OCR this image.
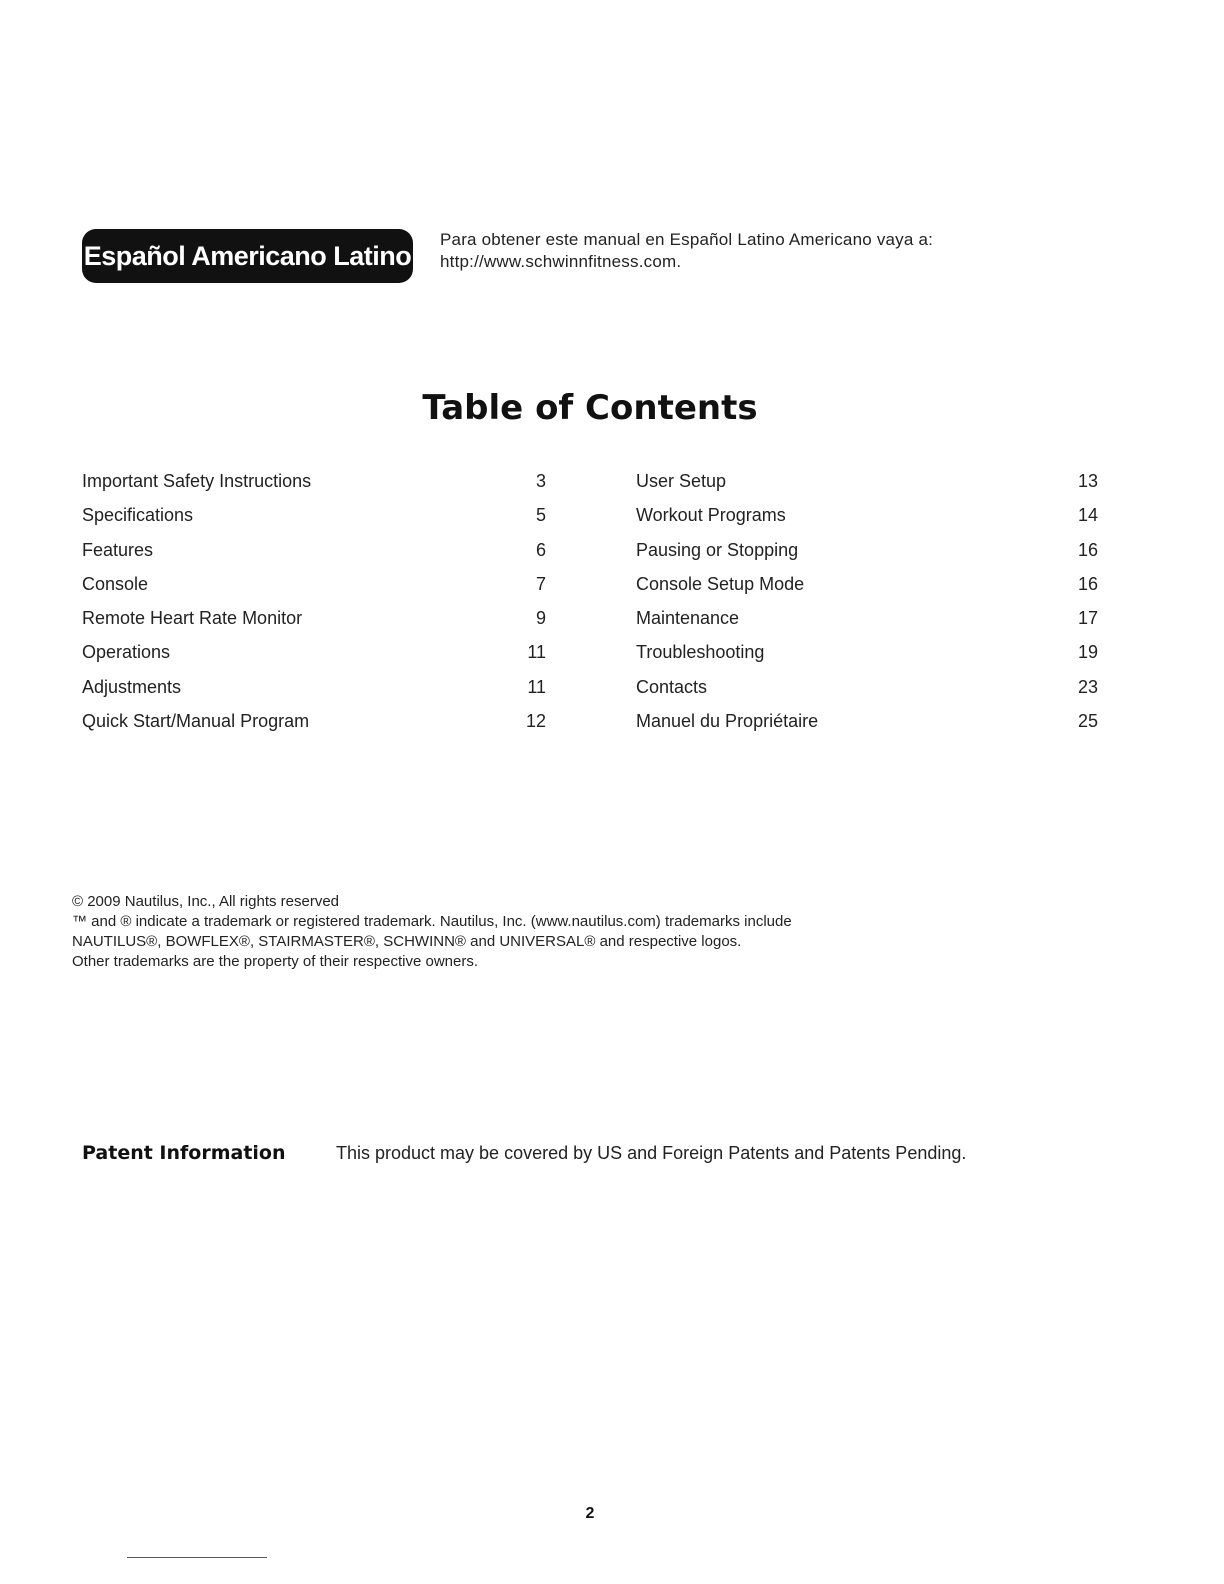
Español Americano Latino
Para obtener este manual en Español Latino Americano vaya a:
http://www.schwinnfitness.com.
Table of Contents
Important Safety Instructions	3
Specifications	5
Features	6
Console	7
Remote Heart Rate Monitor	9
Operations	11
Adjustments	11
Quick Start/Manual Program	12
User Setup	13
Workout Programs	14
Pausing or Stopping	16
Console Setup Mode	16
Maintenance	17
Troubleshooting	19
Contacts	23
Manuel du Propriétaire	25
© 2009 Nautilus, Inc., All rights reserved
™ and ® indicate a trademark or registered trademark. Nautilus, Inc. (www.nautilus.com) trademarks include
NAUTILUS®, BOWFLEX®, STAIRMASTER®, SCHWINN® and UNIVERSAL® and respective logos.
Other trademarks are the property of their respective owners.
Patent Information	This product may be covered by US and Foreign Patents and Patents Pending.
2
